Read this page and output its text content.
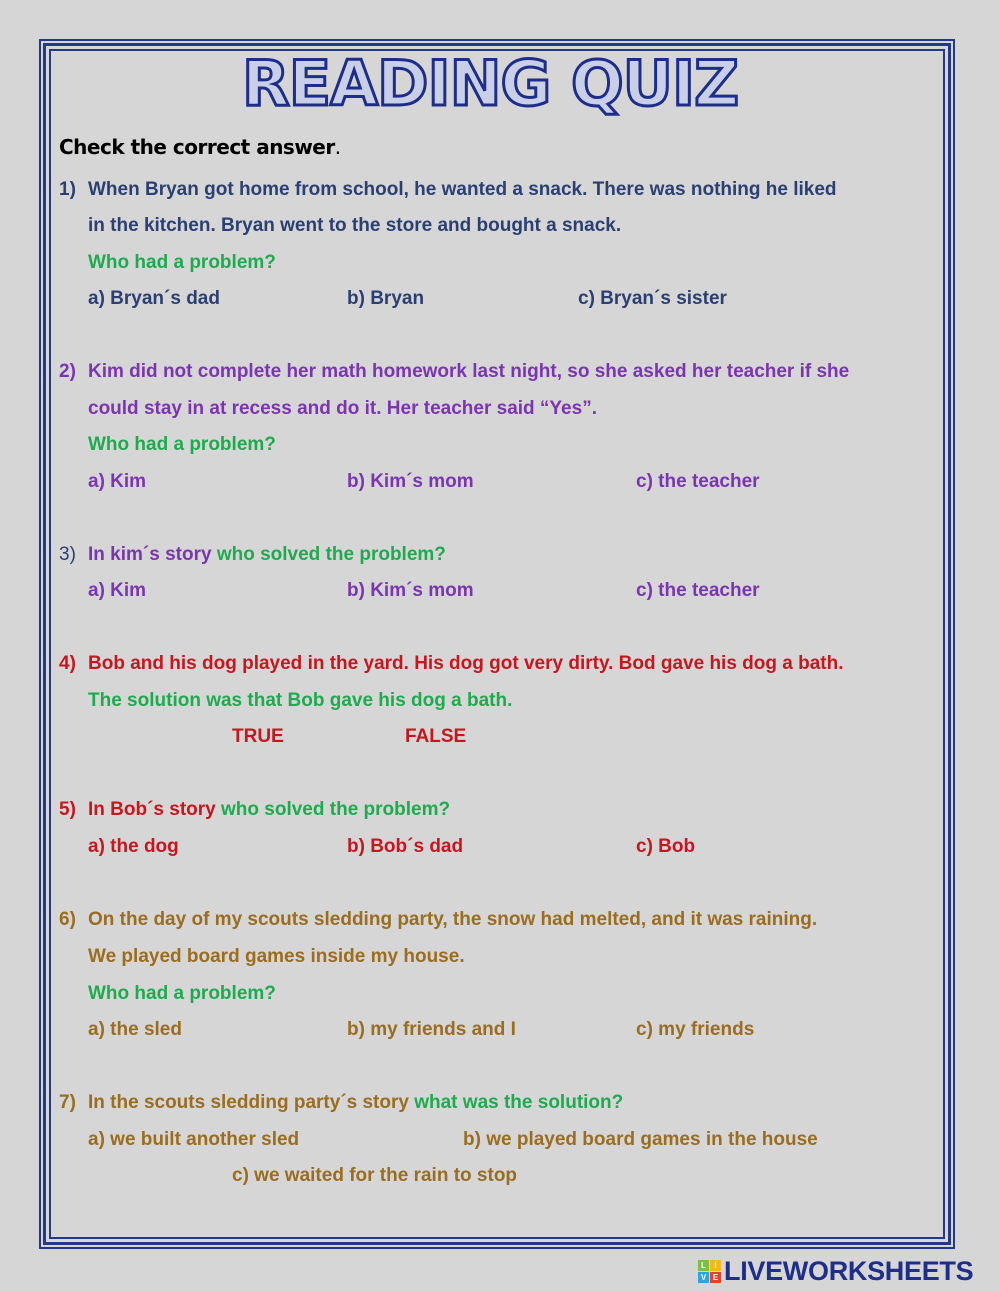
READING QUIZ
Check the correct answer.
1) When Bryan got home from school, he wanted a snack. There was nothing he liked
in the kitchen. Bryan went to the store and bought a snack.
Who had a problem?
a) Bryan´s dad	b) Bryan	c) Bryan´s sister
2) Kim did not complete her math homework last night, so she asked her teacher if she
could stay in at recess and do it. Her teacher said “Yes”.
Who had a problem?
a) Kim	b) Kim´s mom	c) the teacher
3) In kim´s story who solved the problem?
a) Kim	b) Kim´s mom	c) the teacher
4) Bob and his dog played in the yard. His dog got very dirty. Bod gave his dog a bath.
The solution was that Bob gave his dog a bath.
TRUE	FALSE
5) In Bob´s story who solved the problem?
a) the dog	b) Bob´s dad	c) Bob
6) On the day of my scouts sledding party, the snow had melted, and it was raining.
We played board games inside my house.
Who had a problem?
a) the sled	b) my friends and I	c) my friends
7) In the scouts sledding party´s story what was the solution?
a) we built another sled	b) we played board games in the house
c) we waited for the rain to stop
L	I
V E LIVEWORKSHEETS
